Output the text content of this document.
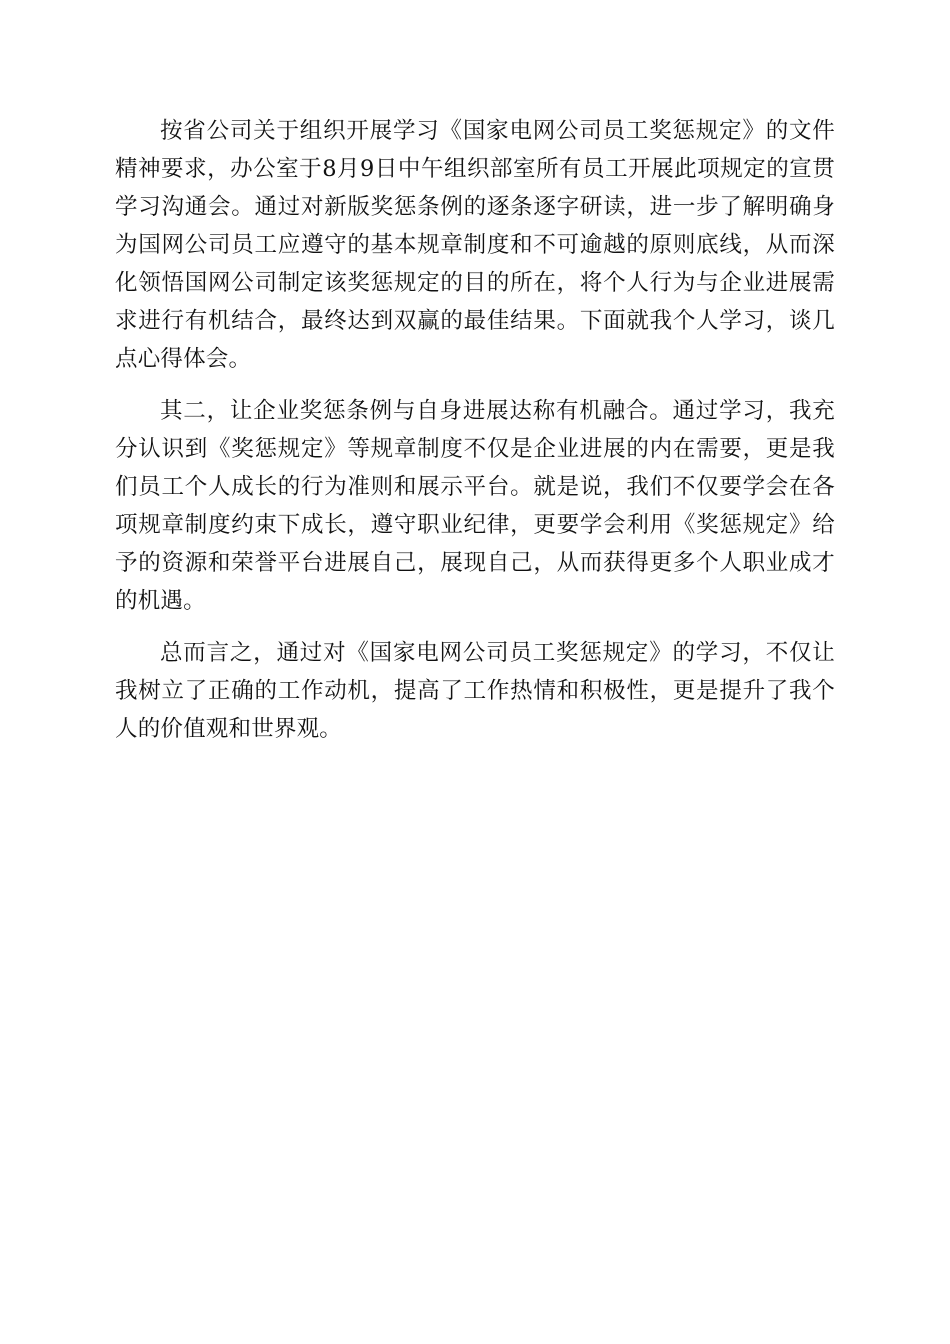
按省公司关于组织开展学习《国家电网公司员工奖惩规定》的文件精神要求，办公室于8月9日中午组织部室所有员工开展此项规定的宣贯学习沟通会。通过对新版奖惩条例的逐条逐字研读，进一步了解明确身为国网公司员工应遵守的基本规章制度和不可逾越的原则底线，从而深化领悟国网公司制定该奖惩规定的目的所在，将个人行为与企业进展需求进行有机结合，最终达到双赢的最佳结果。下面就我个人学习，谈几点心得体会。

其二，让企业奖惩条例与自身进展达称有机融合。通过学习，我充分认识到《奖惩规定》等规章制度不仅是企业进展的内在需要，更是我们员工个人成长的行为准则和展示平台。就是说，我们不仅要学会在各项规章制度约束下成长，遵守职业纪律，更要学会利用《奖惩规定》给予的资源和荣誉平台进展自己，展现自己，从而获得更多个人职业成才的机遇。

总而言之，通过对《国家电网公司员工奖惩规定》的学习，不仅让我树立了正确的工作动机，提高了工作热情和积极性，更是提升了我个人的价值观和世界观。
